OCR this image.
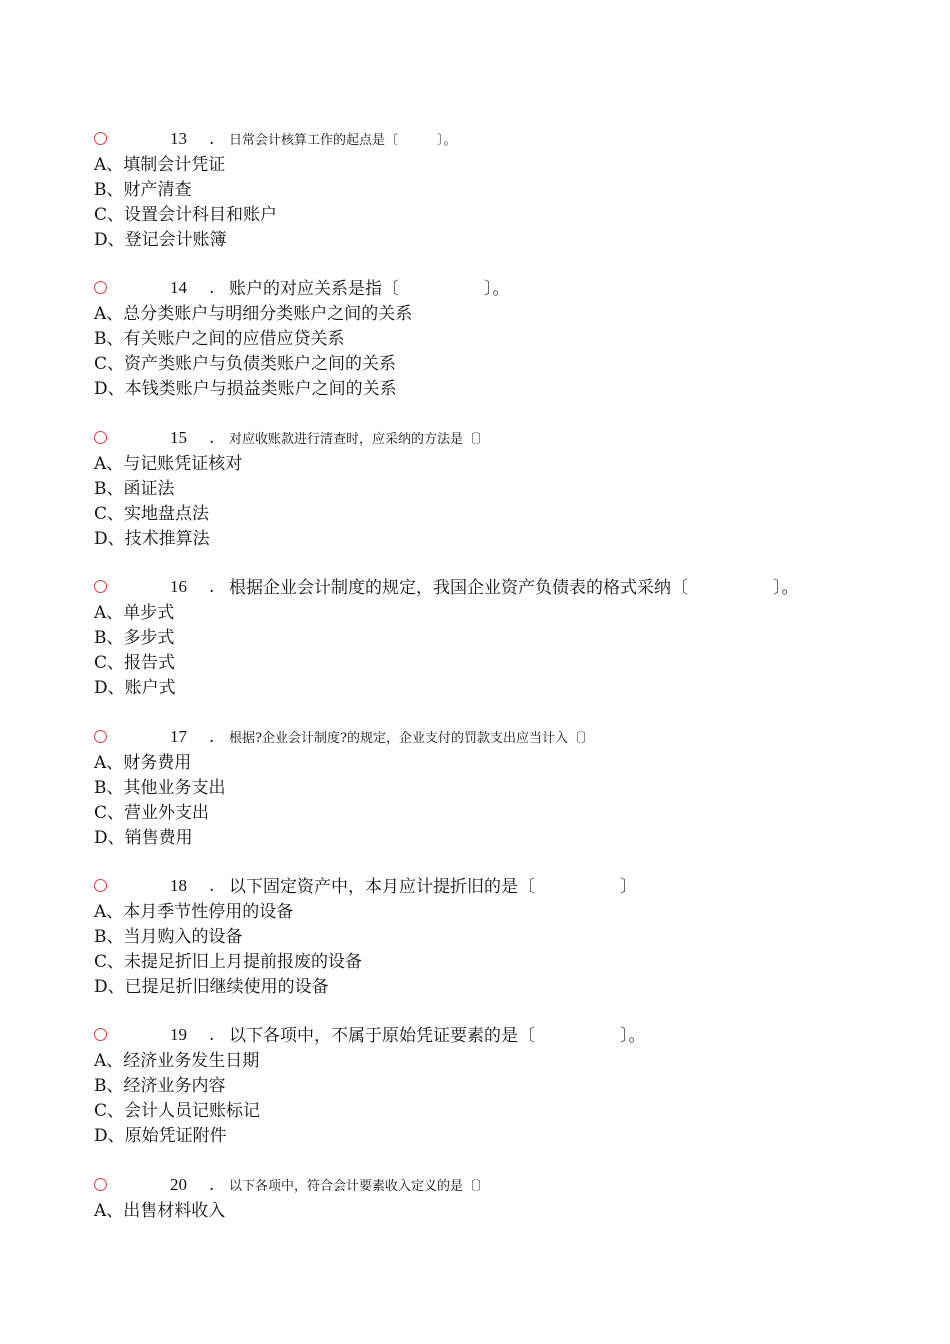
13 . 日常会计核算工作的起点是〔　　　〕。
A、填制会计凭证
B、财产清查
C、设置会计科目和账户
D、登记会计账簿
14 . 账户的对应关系是指〔　　　　　〕。
A、总分类账户与明细分类账户之间的关系
B、有关账户之间的应借应贷关系
C、资产类账户与负债类账户之间的关系
D、本钱类账户与损益类账户之间的关系
15 . 对应收账款进行清查时，应采纳的方法是〔〕
A、与记账凭证核对
B、函证法
C、实地盘点法
D、技术推算法
16 . 根据企业会计制度的规定，我国企业资产负债表的格式采纳〔　　　　　〕。
A、单步式
B、多步式
C、报告式
D、账户式
17 . 根据?企业会计制度?的规定，企业支付的罚款支出应当计入〔〕
A、财务费用
B、其他业务支出
C、营业外支出
D、销售费用
18 . 以下固定资产中，本月应计提折旧的是〔　　　　　〕
A、本月季节性停用的设备
B、当月购入的设备
C、未提足折旧上月提前报废的设备
D、已提足折旧继续使用的设备
19 . 以下各项中，不属于原始凭证要素的是〔　　　　　〕。
A、经济业务发生日期
B、经济业务内容
C、会计人员记账标记
D、原始凭证附件
20 . 以下各项中，符合会计要素收入定义的是〔〕
A、出售材料收入
